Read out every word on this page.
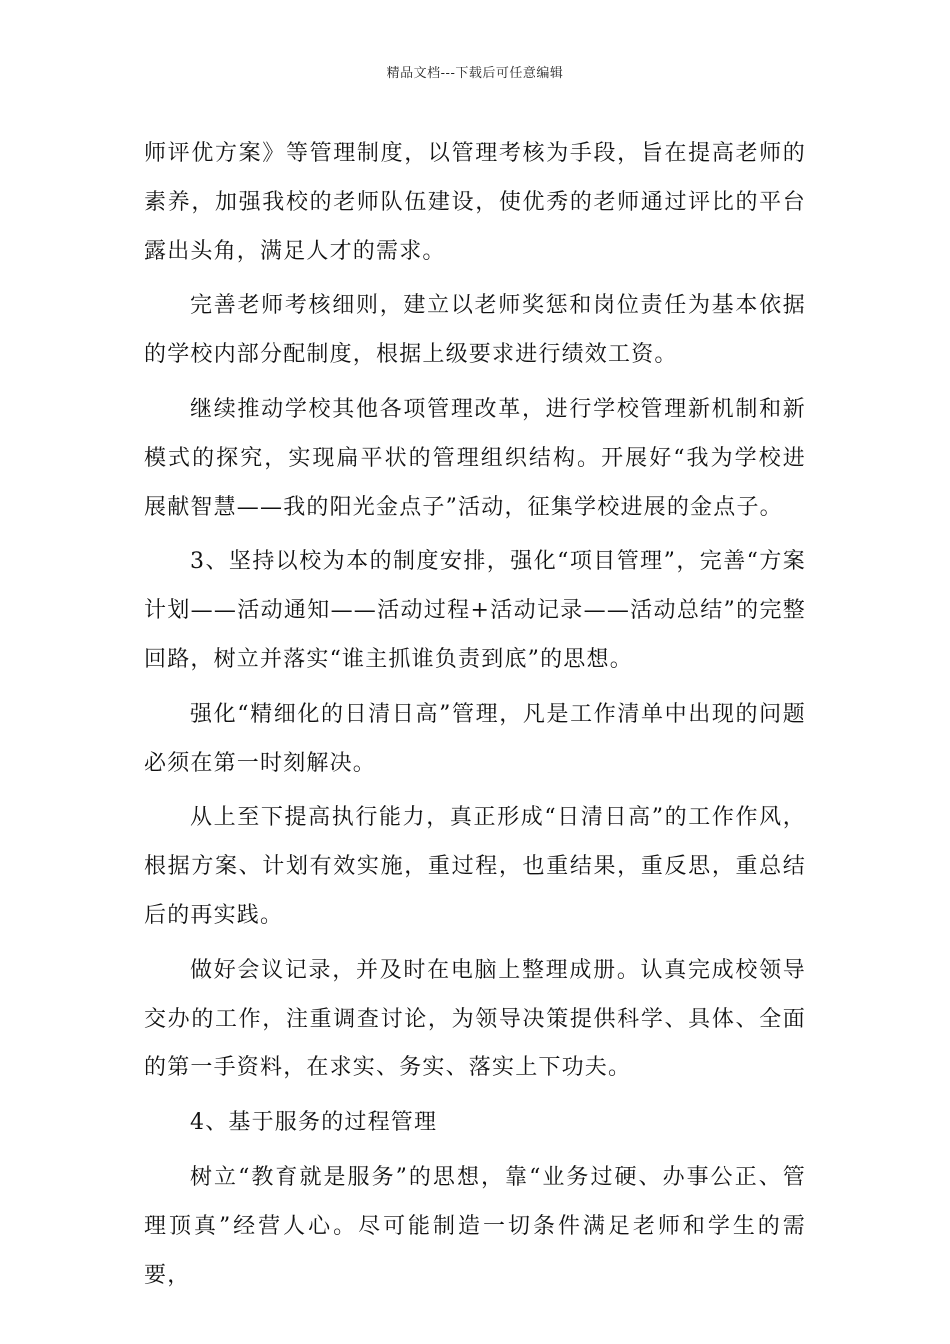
精品文档---下载后可任意编辑

师评优方案》等管理制度，以管理考核为手段，旨在提高老师的素养，加强我校的老师队伍建设，使优秀的老师通过评比的平台露出头角，满足人才的需求。

完善老师考核细则，建立以老师奖惩和岗位责任为基本依据的学校内部分配制度，根据上级要求进行绩效工资。

继续推动学校其他各项管理改革，进行学校管理新机制和新模式的探究，实现扁平状的管理组织结构。开展好“我为学校进展献智慧——我的阳光金点子”活动，征集学校进展的金点子。

3、坚持以校为本的制度安排，强化“项目管理”，完善“方案计划——活动通知——活动过程+活动记录——活动总结”的完整回路，树立并落实“谁主抓谁负责到底”的思想。

强化“精细化的日清日高”管理，凡是工作清单中出现的问题必须在第一时刻解决。

从上至下提高执行能力，真正形成“日清日高”的工作作风，根据方案、计划有效实施，重过程，也重结果，重反思，重总结后的再实践。

做好会议记录，并及时在电脑上整理成册。认真完成校领导交办的工作，注重调查讨论，为领导决策提供科学、具体、全面的第一手资料，在求实、务实、落实上下功夫。

4、基于服务的过程管理

树立“教育就是服务”的思想，靠“业务过硬、办事公正、管理顶真”经营人心。尽可能制造一切条件满足老师和学生的需要，
